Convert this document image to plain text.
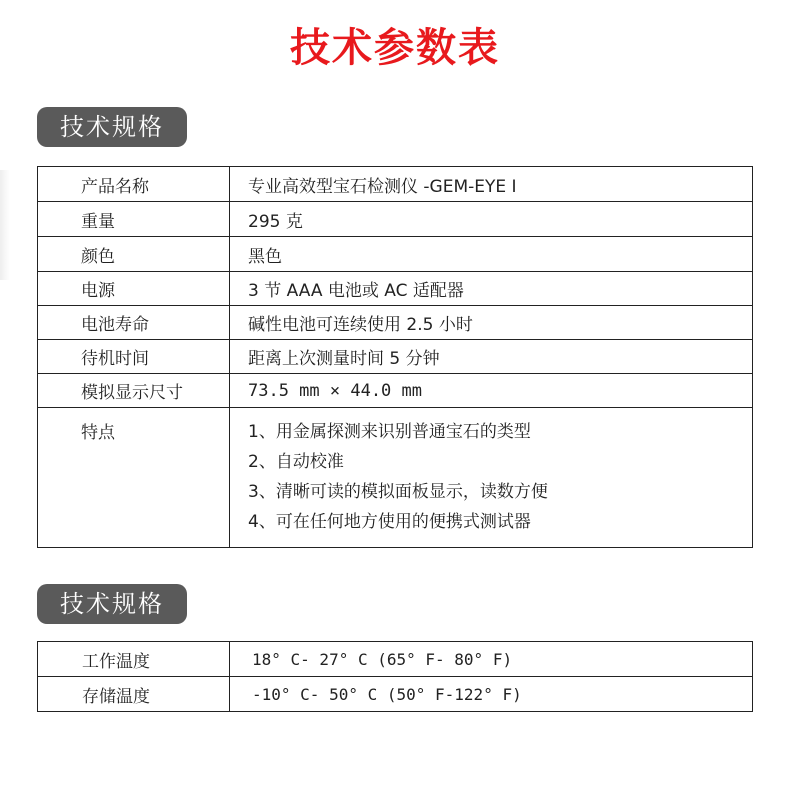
技术参数表
技术规格
产品名称	专业高效型宝石检测仪 -GEM-EYE Ⅰ
重量	295 克
颜色	黑色
电源	3 节 AAA 电池或 AC 适配器
电池寿命	碱性电池可连续使用 2.5 小时
待机时间	距离上次测量时间 5 分钟
模拟显示尺寸	73.5 mm × 44.0 mm

特点	1、用金属探测来识别普通宝石的类型
2、自动校准
3、清晰可读的模拟面板显示，读数方便
4、可在任何地方使用的便携式测试器
技术规格
工作温度	18° C- 27° C (65° F- 80° F)
存储温度	-10° C- 50° C (50° F-122° F)
